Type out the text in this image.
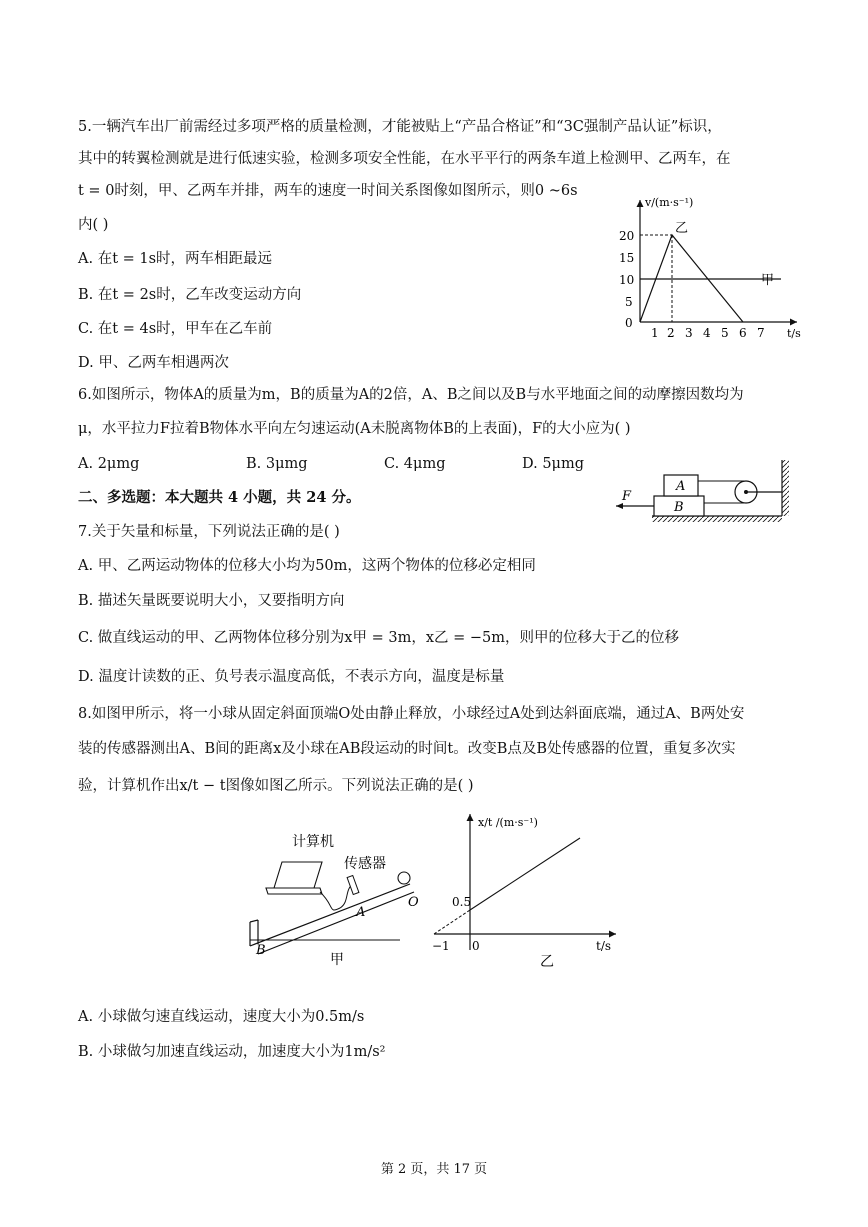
5.一辆汽车出厂前需经过多项严格的质量检测，才能被贴上“产品合格证”和“3C强制产品认证”标识，
其中的转翼检测就是进行低速实验，检测多项安全性能，在水平平行的两条车道上检测甲、乙两车，在
t = 0时刻，甲、乙两车并排，两车的速度一时间关系图像如图所示，则0 ~6s
内( )
A. 在t = 1s时，两车相距最远
B. 在t = 2s时，乙车改变运动方向
C. 在t = 4s时，甲车在乙车前
D. 甲、乙两车相遇两次
v/(m·s⁻¹)
t/s
20
15
10
5
0
1 2 3 4 5 6 7
甲
乙
6.如图所示，物体A的质量为m，B的质量为A的2倍，A、B之间以及B与水平地面之间的动摩擦因数均为
μ，水平拉力F拉着B物体水平向左匀速运动(A未脱离物体B的上表面)，F的大小应为( )
A. 2μmg	B. 3μmg	C. 4μmg	D. 5μmg
B
A
F
二、多选题：本大题共 4 小题，共 24 分。
7.关于矢量和标量，下列说法正确的是( )
A. 甲、乙两运动物体的位移大小均为50m，这两个物体的位移必定相同
B. 描述矢量既要说明大小，又要指明方向
C. 做直线运动的甲、乙两物体位移分别为x甲 = 3m，x乙 = −5m，则甲的位移大于乙的位移
D. 温度计读数的正、负号表示温度高低，不表示方向，温度是标量
8.如图甲所示，将一小球从固定斜面顶端O处由静止释放，小球经过A处到达斜面底端，通过A、B两处安
装的传感器测出A、B间的距离x及小球在AB段运动的时间t。改变B点及B处传感器的位置，重复多次实
验，计算机作出x/t − t图像如图乙所示。下列说法正确的是( )
计算机
传感器
O
A
B
甲
x/t /(m·s⁻¹)
t/s
0.5
−1 0
乙
A. 小球做匀速直线运动，速度大小为0.5m/s
B. 小球做匀加速直线运动，加速度大小为1m/s²
第 2 页，共 17 页
